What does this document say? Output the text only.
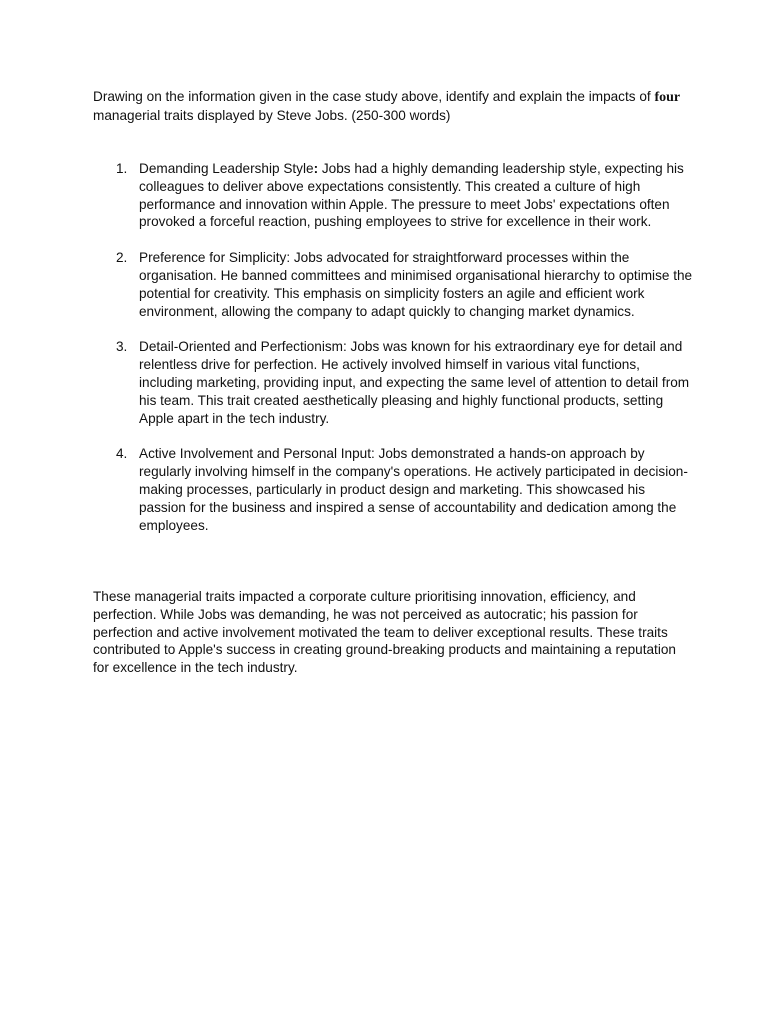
Drawing on the information given in the case study above, identify and explain the impacts of four managerial traits displayed by Steve Jobs. (250-300 words)

1. Demanding Leadership Style: Jobs had a highly demanding leadership style, expecting his colleagues to deliver above expectations consistently. This created a culture of high performance and innovation within Apple. The pressure to meet Jobs' expectations often provoked a forceful reaction, pushing employees to strive for excellence in their work.
2. Preference for Simplicity: Jobs advocated for straightforward processes within the organisation. He banned committees and minimised organisational hierarchy to optimise the potential for creativity. This emphasis on simplicity fosters an agile and efficient work environment, allowing the company to adapt quickly to changing market dynamics.
3. Detail-Oriented and Perfectionism: Jobs was known for his extraordinary eye for detail and relentless drive for perfection. He actively involved himself in various vital functions, including marketing, providing input, and expecting the same level of attention to detail from his team. This trait created aesthetically pleasing and highly functional products, setting Apple apart in the tech industry.
4. Active Involvement and Personal Input: Jobs demonstrated a hands-on approach by regularly involving himself in the company's operations. He actively participated in decision-making processes, particularly in product design and marketing. This showcased his passion for the business and inspired a sense of accountability and dedication among the employees.

These managerial traits impacted a corporate culture prioritising innovation, efficiency, and perfection. While Jobs was demanding, he was not perceived as autocratic; his passion for perfection and active involvement motivated the team to deliver exceptional results. These traits contributed to Apple's success in creating ground-breaking products and maintaining a reputation for excellence in the tech industry.
